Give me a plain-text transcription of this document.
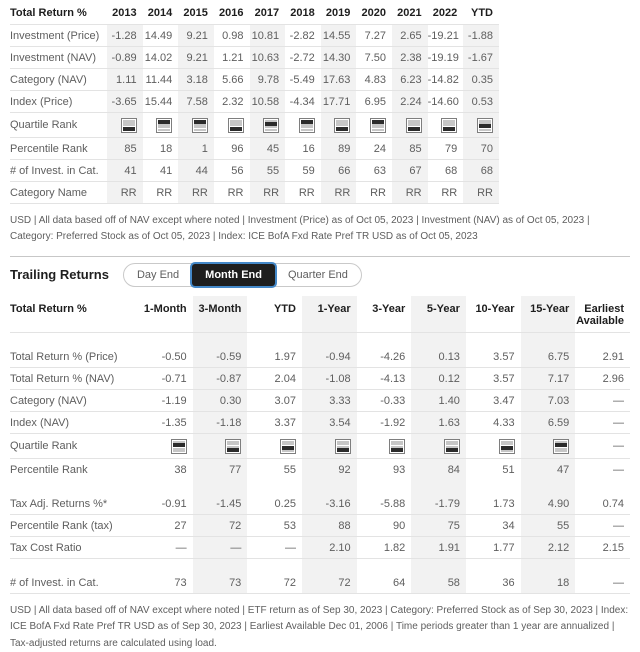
Total Return %	2013	2014	2015	2016	2017	2018	2019	2020	2021	2022	YTD
Investment (Price)	-1.28	14.49	9.21	0.98	10.81	-2.82	14.55	7.27	2.65	-19.21	-1.88
Investment (NAV)	-0.89	14.02	9.21	1.21	10.63	-2.72	14.30	7.50	2.38	-19.19	-1.67
Category (NAV)	1.11	11.44	3.18	5.66	9.78	-5.49	17.63	4.83	6.23	-14.82	0.35
Index (Price)	-3.65	15.44	7.58	2.32	10.58	-4.34	17.71	6.95	2.24	-14.60	0.53
Quartile Rank	

Percentile Rank	85	18	1	96	45	16	89	24	85	79	70
# of Invest. in Cat.	41	41	44	56	55	59	66	63	67	68	68
Category Name	RR	RR	RR	RR	RR	RR	RR	RR	RR	RR	RR

USD | All data based off of NAV except where noted | Investment (Price) as of Oct 05, 2023 | Investment (NAV) as of Oct 05, 2023 | Category: Preferred Stock as of Oct 05, 2023 | Index: ICE BofA Fxd Rate Pref TR USD as of Oct 05, 2023

Trailing Returns	Day End	Month End	Quarter End
Total Return %	1-Month	3-Month	YTD	1-Year	3-Year	5-Year	10-Year	15-Year	Earliest Available

Total Return % (Price)	-0.50	-0.59	1.97	-0.94	-4.26	0.13	3.57	6.75	2.91
Total Return % (NAV)	-0.71	-0.87	2.04	-1.08	-4.13	0.12	3.57	7.17	2.96
Category (NAV)	-1.19	0.30	3.07	3.33	-0.33	1.40	3.47	7.03	—
Index (NAV)	-1.35	-1.18	3.37	3.54	-1.92	1.63	4.33	6.59	—
Quartile Rank									—
Percentile Rank	38	77	55	92	93	84	51	47	—

Tax Adj. Returns %*	-0.91	-1.45	0.25	-3.16	-5.88	-1.79	1.73	4.90	0.74
Percentile Rank (tax)	27	72	53	88	90	75	34	55	—
Tax Cost Ratio	—	—	—	2.10	1.82	1.91	1.77	2.12	2.15

# of Invest. in Cat.	73	73	72	72	64	58	36	18	—

USD | All data based off of NAV except where noted | ETF return as of Sep 30, 2023 | Category: Preferred Stock as of Sep 30, 2023 | Index: ICE BofA Fxd Rate Pref TR USD as of Sep 30, 2023 | Earliest Available Dec 01, 2006 | Time periods greater than 1 year are annualized | Tax-adjusted returns are calculated using load.
